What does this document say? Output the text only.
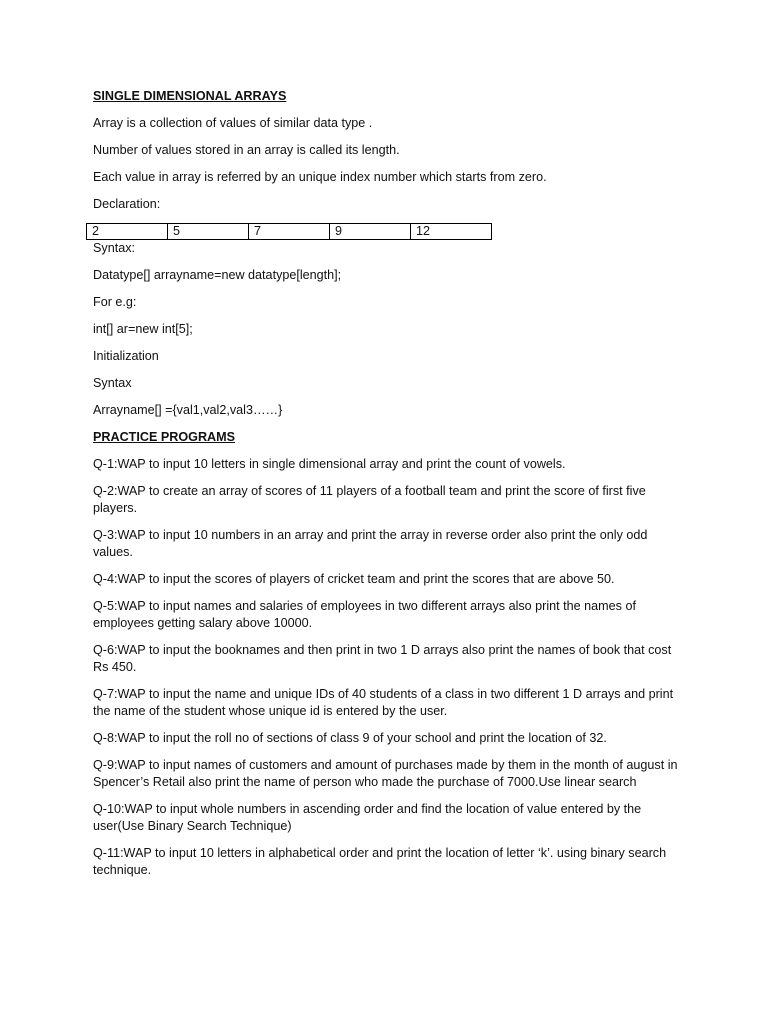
SINGLE DIMENSIONAL ARRAYS
Array is a collection of values of similar data type .
Number of values stored in an array is called its length.
Each value in array is referred by an unique index number which starts from zero.
Declaration:
2	5	7	9	12
Syntax:
Datatype[] arrayname=new datatype[length];
For e.g:
int[] ar=new int[5];
Initialization
Syntax
Arrayname[] ={val1,val2,val3……}
PRACTICE PROGRAMS
Q-1:WAP to input 10 letters in single dimensional array and print the count of vowels.
Q-2:WAP to create an array of scores of 11 players of a football team and print the score of first five players.
Q-3:WAP to input 10 numbers in an array and print the array in reverse order also print the only odd values.
Q-4:WAP to input the scores of players of cricket team and print the scores that are above 50.
Q-5:WAP to input names and salaries of employees in two different arrays also print the names of employees getting salary above 10000.
Q-6:WAP to input the booknames and then print in two 1 D arrays also print the names of book that cost Rs 450.
Q-7:WAP to input the name and unique IDs of 40 students of a class in two different 1 D arrays and print the name of the student whose unique id is entered by the user.
Q-8:WAP to input the roll no of sections of class 9 of your school and print the location of 32.
Q-9:WAP to input names of customers and amount of purchases made by them in the month of august in Spencer’s Retail also print the name of person who made the purchase of 7000.Use linear search
Q-10:WAP to input whole numbers in ascending order and find the location of value entered by the user(Use Binary Search Technique)
Q-11:WAP to input 10 letters in alphabetical order and print the location of letter ‘k’. using binary search technique.
